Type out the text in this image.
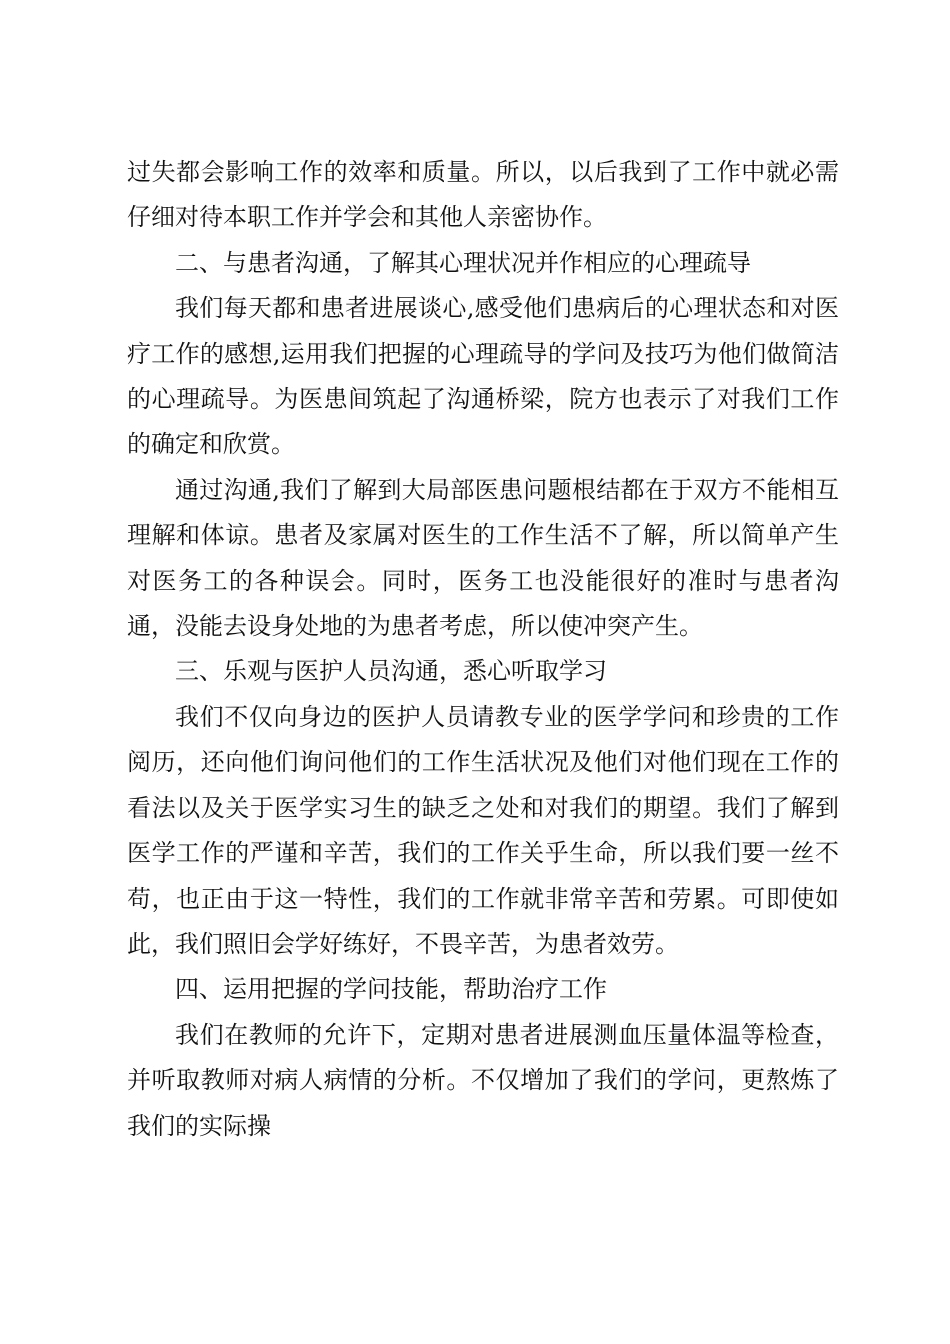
过失都会影响工作的效率和质量。所以，以后我到了工作中就必需仔细对待本职工作并学会和其他人亲密协作。

二、与患者沟通，了解其心理状况并作相应的心理疏导

我们每天都和患者进展谈心,感受他们患病后的心理状态和对医疗工作的感想,运用我们把握的心理疏导的学问及技巧为他们做简洁的心理疏导。为医患间筑起了沟通桥梁，院方也表示了对我们工作的确定和欣赏。

通过沟通,我们了解到大局部医患问题根结都在于双方不能相互理解和体谅。患者及家属对医生的工作生活不了解，所以简单产生对医务工的各种误会。同时，医务工也没能很好的准时与患者沟通，没能去设身处地的为患者考虑，所以使冲突产生。

三、乐观与医护人员沟通，悉心听取学习

我们不仅向身边的医护人员请教专业的医学学问和珍贵的工作阅历，还向他们询问他们的工作生活状况及他们对他们现在工作的看法以及关于医学实习生的缺乏之处和对我们的期望。我们了解到医学工作的严谨和辛苦，我们的工作关乎生命，所以我们要一丝不苟，也正由于这一特性，我们的工作就非常辛苦和劳累。可即使如此，我们照旧会学好练好，不畏辛苦，为患者效劳。

四、运用把握的学问技能，帮助治疗工作

我们在教师的允许下，定期对患者进展测血压量体温等检查，并听取教师对病人病情的分析。不仅增加了我们的学问，更熬炼了我们的实际操
